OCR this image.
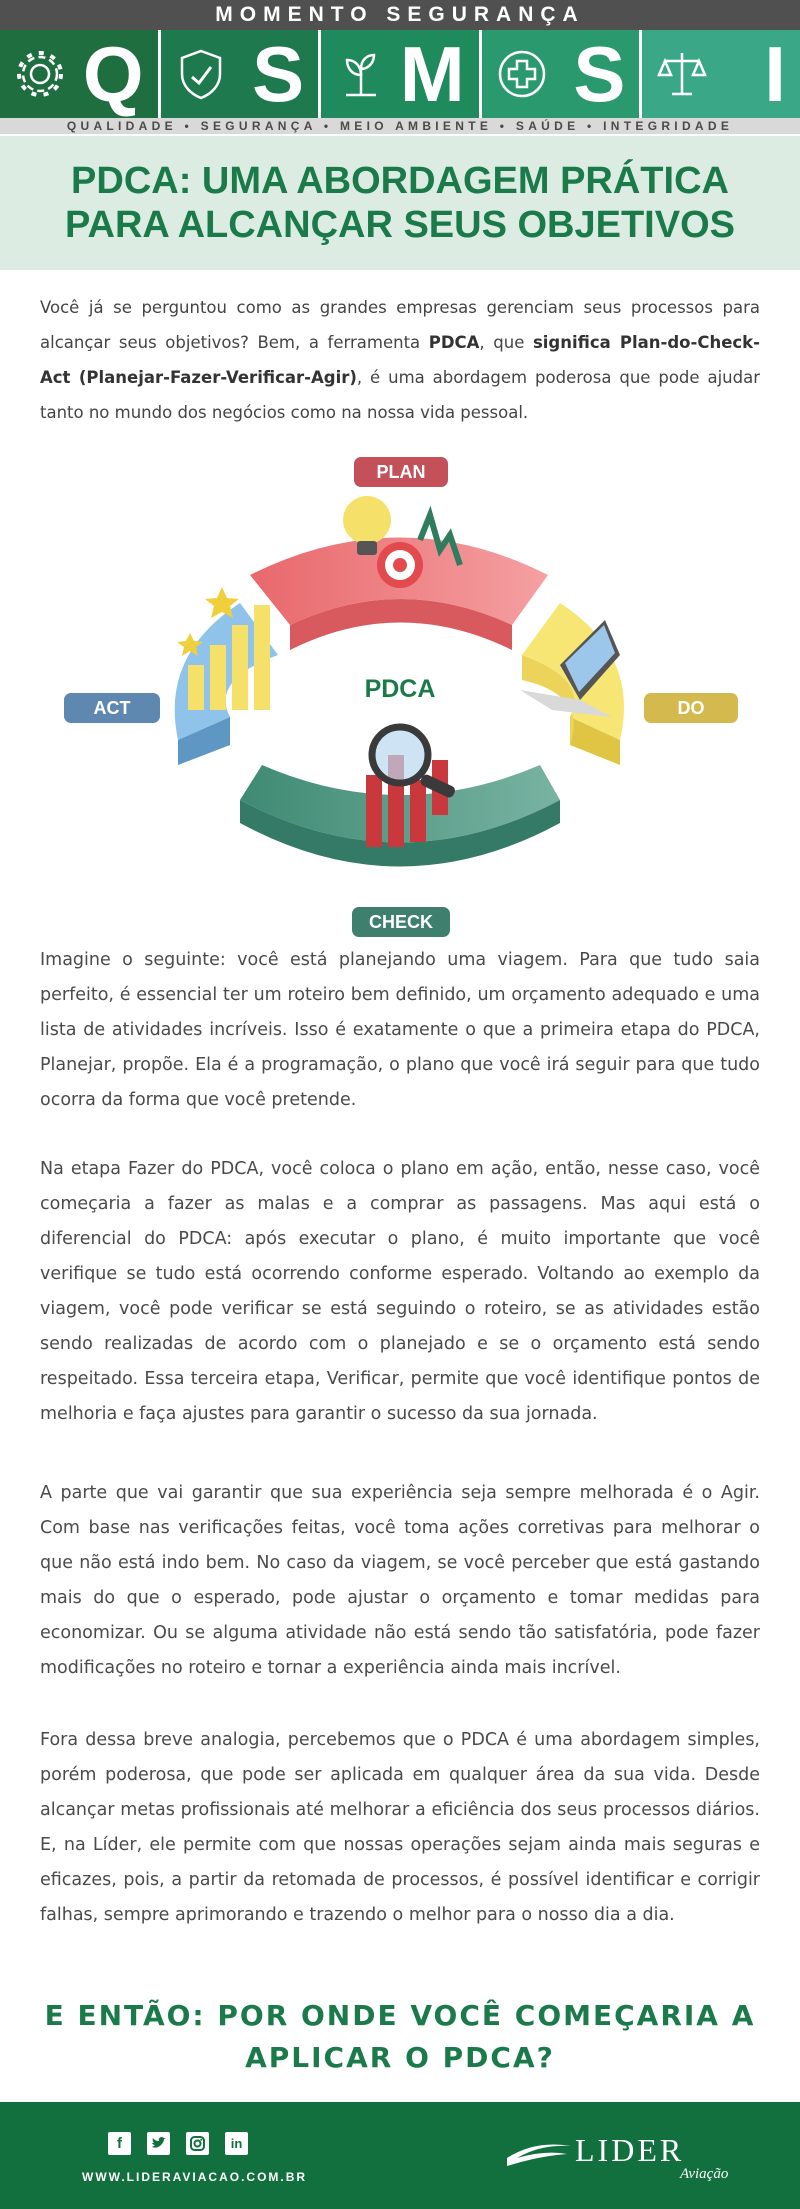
MOMENTO SEGURANÇA
Q S M S I
QUALIDADE • SEGURANÇA • MEIO AMBIENTE • SAÚDE • INTEGRIDADE
PDCA: UMA ABORDAGEM PRÁTICA
PARA ALCANÇAR SEUS OBJETIVOS

Você já se perguntou como as grandes empresas gerenciam seus processos para alcançar seus objetivos? Bem, a ferramenta PDCA, que significa Plan-do-Check-Act (Planejar-Fazer-Verificar-Agir), é uma abordagem poderosa que pode ajudar tanto no mundo dos negócios como na nossa vida pessoal.

PLAN
DO
CHECK
ACT
PDCA

Imagine o seguinte: você está planejando uma viagem. Para que tudo saia perfeito, é essencial ter um roteiro bem definido, um orçamento adequado e uma lista de atividades incríveis. Isso é exatamente o que a primeira etapa do PDCA, Planejar, propõe. Ela é a programação, o plano que você irá seguir para que tudo ocorra da forma que você pretende.

Na etapa Fazer do PDCA, você coloca o plano em ação, então, nesse caso, você começaria a fazer as malas e a comprar as passagens. Mas aqui está o diferencial do PDCA: após executar o plano, é muito importante que você verifique se tudo está ocorrendo conforme esperado. Voltando ao exemplo da viagem, você pode verificar se está seguindo o roteiro, se as atividades estão sendo realizadas de acordo com o planejado e se o orçamento está sendo respeitado. Essa terceira etapa, Verificar, permite que você identifique pontos de melhoria e faça ajustes para garantir o sucesso da sua jornada.

A parte que vai garantir que sua experiência seja sempre melhorada é o Agir. Com base nas verificações feitas, você toma ações corretivas para melhorar o que não está indo bem. No caso da viagem, se você perceber que está gastando mais do que o esperado, pode ajustar o orçamento e tomar medidas para economizar. Ou se alguma atividade não está sendo tão satisfatória, pode fazer modificações no roteiro e tornar a experiência ainda mais incrível.

Fora dessa breve analogia, percebemos que o PDCA é uma abordagem simples, porém poderosa, que pode ser aplicada em qualquer área da sua vida. Desde alcançar metas profissionais até melhorar a eficiência dos seus processos diários. E, na Líder, ele permite com que nossas operações sejam ainda mais seguras e eficazes, pois, a partir da retomada de processos, é possível identificar e corrigir falhas, sempre aprimorando e trazendo o melhor para o nosso dia a dia.

E ENTÃO: POR ONDE VOCÊ COMEÇARIA A
APLICAR O PDCA?
f	in
WWW.LIDERAVIACAO.COM.BR
LIDER
Aviação
